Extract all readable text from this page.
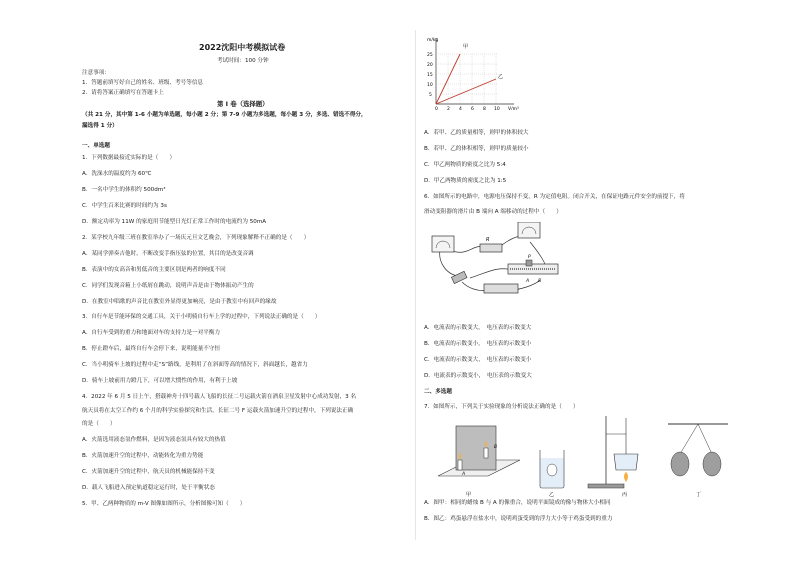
2022沈阳中考模拟试卷
考试时间：100 分钟
注意事项：
1．答题前填写好自己的姓名、班级、考号等信息
2．请将答案正确填写在答题卡上
第 I 卷（选择题）
（共 21 分，其中第 1-6 小题为单选题，每小题 2 分；第 7-9 小题为多选题，每小题 3 分，多选、错选不得分，
漏选得 1 分）
一、单选题
1．下列数据最接近实际的是（　　）
A．洗澡水的温度约为 60℃
B．一名中学生的体积约 500dm³
C．中学生百米比赛的时间约为 3s
D．额定功率为 11W 的家庭用节能型日光灯正常工作时的电流约为 50mA
2．某学校九年级三班在教室举办了一场庆元旦文艺晚会，下列现象解释不正确的是（　　）
A．某同学弹奏吉他时，不断改变手指压弦的位置，其目的是改变音调
B．表演中的女高音和男低音的主要区别是两者的响度不同
C．同学们发现音箱上小纸屑在跳动，说明声音是由于物体振动产生的
D．在教室中唱歌的声音比在教室外显得更加响亮，是由于教室中有回声的缘故
3．自行车是节能环保的交通工具，关于小明骑自行车上学的过程中，下列说法正确的是（　　）
A．自行车受到的重力和地面对车的支持力是一对平衡力
B．停止蹬车后，最终自行车会停下来，说明能量不守恒
C．当小明骑车上坡的过程中走“S”路线，是利用了在斜面等高的情况下，斜面越长，越省力
D．骑车上坡前用力蹬几下，可以增大惯性的作用，有利于上坡
4．2022 年 6 月 5 日上午，搭载神舟十四号载人飞船的长征二号运载火箭在酒泉卫星发射中心成功发射，3 名
航天员将在太空工作约 6 个月的科学实验探究和生活，长征二号 F 运载火箭加速升空的过程中，下列说法正确
的是（　　）
A．火箭选用液态氢作燃料，是因为液态氢具有较大的热值
B．火箭加速升空的过程中，动能转化为重力势能
C．火箭加速升空的过程中，航天员的机械能保持不变
D．载人飞船进入预定轨道稳定运行时，处于平衡状态
5．甲、乙两种物质的 m-V 图像如图所示，分析图像可知（　　）
m/kg
V/m³
甲
乙
25
20
15
10
5
0 2 4 6 8 10
A．若甲、乙的质量相等，则甲的体积较大
B．若甲、乙的体积相等，则甲的质量较小
C．甲乙两物质的密度之比为 5:4
D．甲乙两物质的密度之比为 1:5
6．如图所示的电路中，电源电压保持不变，R 为定值电阻。闭合开关，在保证电路元件安全的前提下，将
滑动变阻器的滑片由 B 端向 A 端移动的过程中（　　）
A．电流表的示数变大，　电压表的示数变大
B．电流表的示数变小，　电压表的示数变小
C．电流表的示数变大，　电压表的示数变小
D．电流表的示数变小，　电压表的示数变大
二、多选题
7．如图所示，下列关于实验现象的分析说法正确的是（　　）
A．图甲：相同的蜡烛 B 与 A 的像重合，说明平面镜成的像与物体大小相同
B．图乙：鸡蛋悬浮在盐水中，说明鸡蛋受到的浮力大小等于鸡蛋受到的重力
R
P
A　　B
B
A
甲	乙	丙	丁
